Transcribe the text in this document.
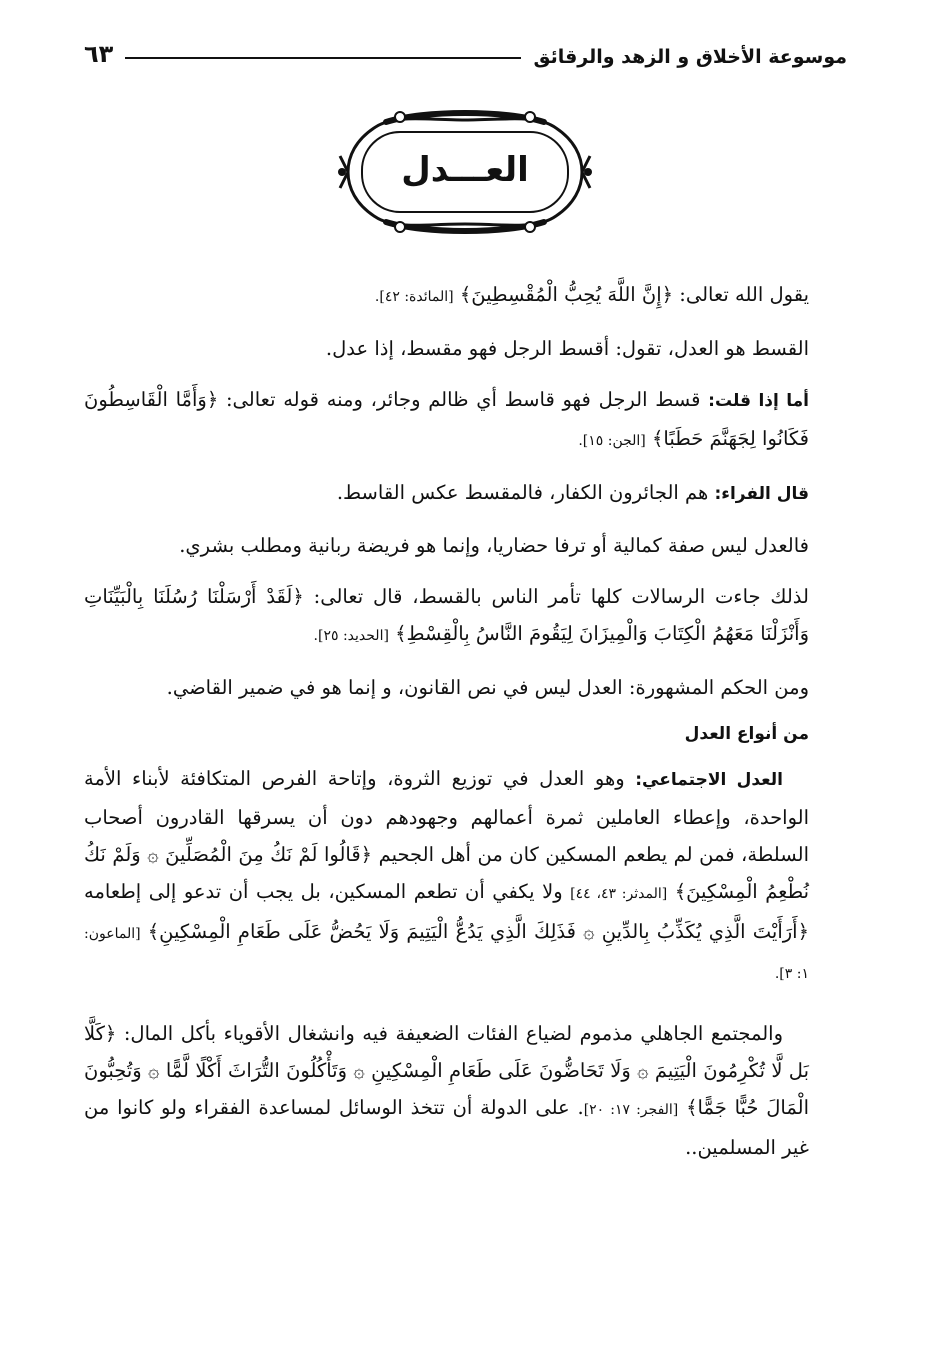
موسوعة الأخلاق و الزهد والرقائق
٦٣
العـــدل

يقول الله تعالى: ﴿إِنَّ اللَّهَ يُحِبُّ الْمُقْسِطِينَ﴾ [المائدة: ٤٢].

القسط هو العدل، تقول: أقسط الرجل فهو مقسط، إذا عدل.

أما إذا قلت: قسط الرجل فهو قاسط أي ظالم وجائر، ومنه قوله تعالى: ﴿وَأَمَّا الْقَاسِطُونَ فَكَانُوا لِجَهَنَّمَ حَطَبًا﴾ [الجن: ١٥].

قال الفراء: هم الجائرون الكفار، فالمقسط عكس القاسط.

فالعدل ليس صفة كمالية أو ترفا حضاريا، وإنما هو فريضة ربانية ومطلب بشري.

لذلك جاءت الرسالات كلها تأمر الناس بالقسط، قال تعالى: ﴿لَقَدْ أَرْسَلْنَا رُسُلَنَا بِالْبَيِّنَاتِ وَأَنْزَلْنَا مَعَهُمُ الْكِتَابَ وَالْمِيزَانَ لِيَقُومَ النَّاسُ بِالْقِسْطِ﴾ [الحديد: ٢٥].

ومن الحكم المشهورة: العدل ليس في نص القانون، و إنما هو في ضمير القاضي.

من أنواع العدل

العدل الاجتماعي: وهو العدل في توزيع الثروة، وإتاحة الفرص المتكافئة لأبناء الأمة الواحدة، وإعطاء العاملين ثمرة أعمالهم وجهودهم دون أن يسرقها القادرون أصحاب السلطة، فمن لم يطعم المسكين كان من أهل الجحيم ﴿قَالُوا لَمْ نَكُ مِنَ الْمُصَلِّينَ ۞ وَلَمْ نَكُ نُطْعِمُ الْمِسْكِينَ﴾ [المدثر: ٤٣، ٤٤] ولا يكفي أن تطعم المسكين، بل يجب أن تدعو إلى إطعامه ﴿أَرَأَيْتَ الَّذِي يُكَذِّبُ بِالدِّينِ ۞ فَذَلِكَ الَّذِي يَدُعُّ الْيَتِيمَ وَلَا يَحُضُّ عَلَى طَعَامِ الْمِسْكِينِ﴾ [الماعون: ١: ٣].

والمجتمع الجاهلي مذموم لضياع الفئات الضعيفة فيه وانشغال الأقوياء بأكل المال: ﴿كَلَّا بَل لَّا تُكْرِمُونَ الْيَتِيمَ ۞ وَلَا تَحَاضُّونَ عَلَى طَعَامِ الْمِسْكِينِ ۞ وَتَأْكُلُونَ التُّرَاثَ أَكْلًا لَّمًّا ۞ وَتُحِبُّونَ الْمَالَ حُبًّا جَمًّا﴾ [الفجر: ١٧: ٢٠]. على الدولة أن تتخذ الوسائل لمساعدة الفقراء ولو كانوا من غير المسلمين..
